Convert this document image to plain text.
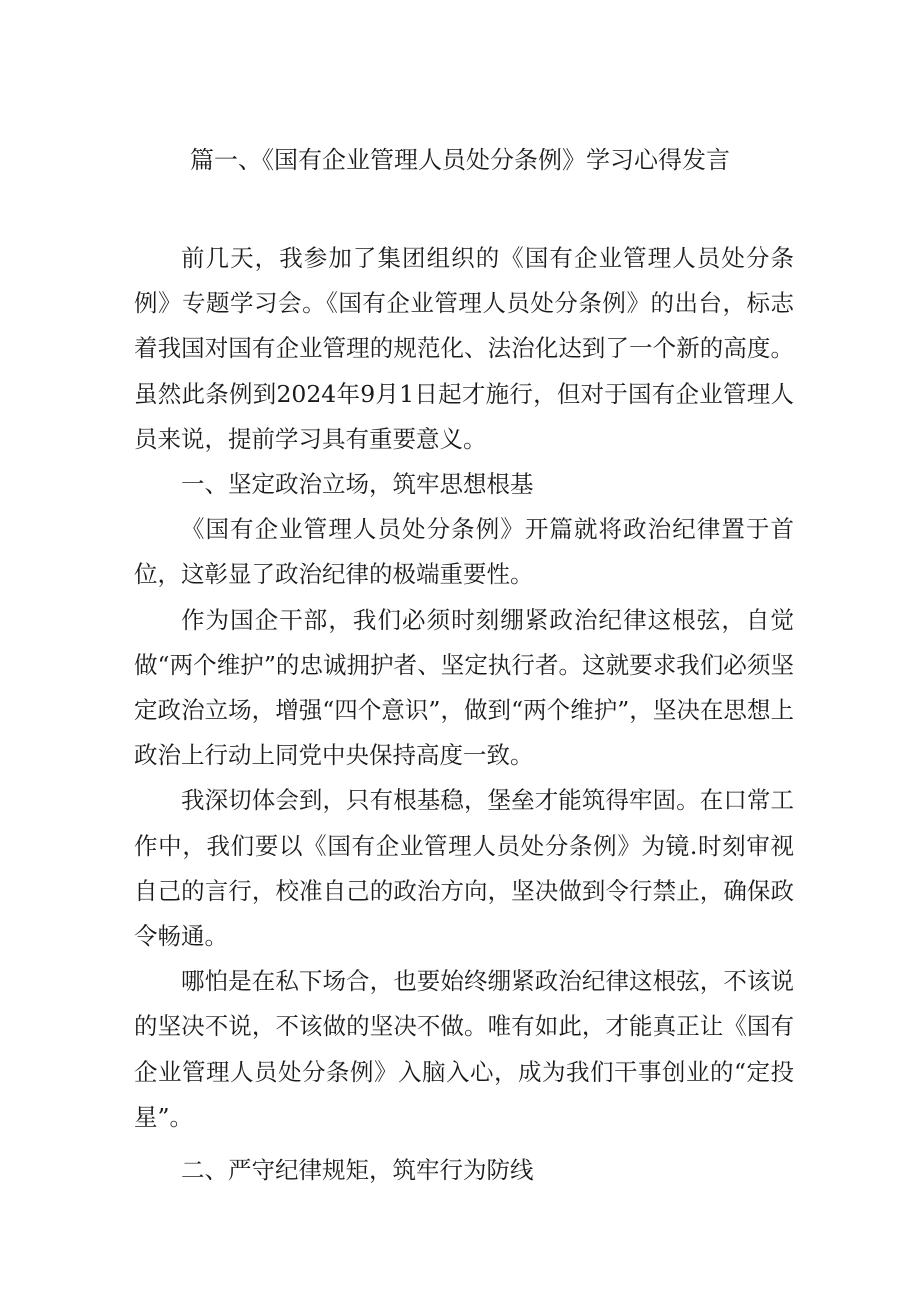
篇一、《国有企业管理人员处分条例》学习心得发言

前几天，我参加了集团组织的《国有企业管理人员处分条例》专题学习会。《国有企业管理人员处分条例》的出台，标志着我国对国有企业管理的规范化、法治化达到了一个新的高度。虽然此条例到2024年9月1日起才施行，但对于国有企业管理人员来说，提前学习具有重要意义。

一、坚定政治立场，筑牢思想根基

《国有企业管理人员处分条例》开篇就将政治纪律置于首位，这彰显了政治纪律的极端重要性。

作为国企干部，我们必须时刻绷紧政治纪律这根弦，自觉做“两个维护”的忠诚拥护者、坚定执行者。这就要求我们必须坚定政治立场，增强“四个意识”，做到“两个维护”，坚决在思想上政治上行动上同党中央保持高度一致。

我深切体会到，只有根基稳，堡垒才能筑得牢固。在口常工作中，我们要以《国有企业管理人员处分条例》为镜.时刻审视自己的言行，校准自己的政治方向，坚决做到令行禁止，确保政令畅通。

哪怕是在私下场合，也要始终绷紧政治纪律这根弦，不该说的坚决不说，不该做的坚决不做。唯有如此，才能真正让《国有企业管理人员处分条例》入脑入心，成为我们干事创业的“定投星”。

二、严守纪律规矩，筑牢行为防线
